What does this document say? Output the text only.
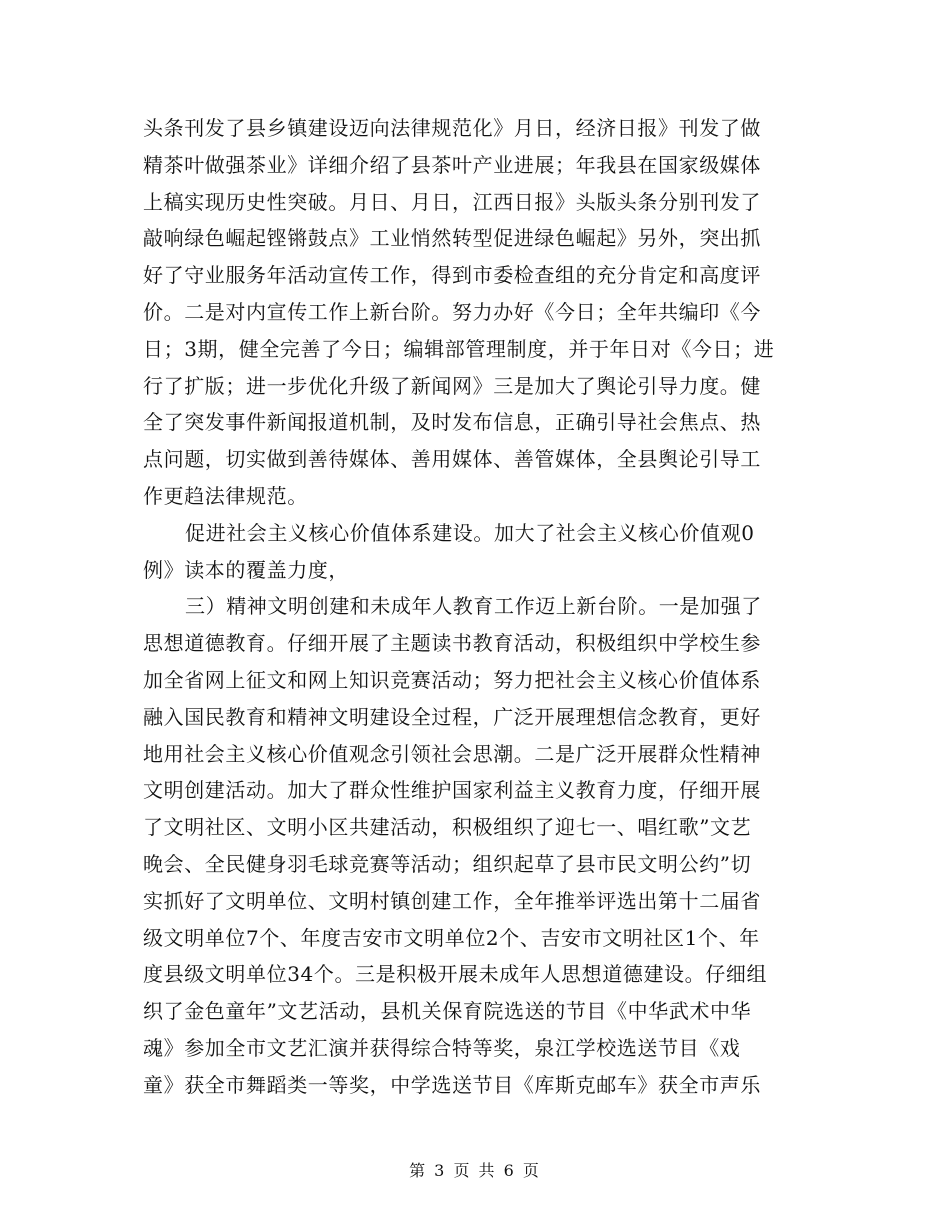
头条刊发了县乡镇建设迈向法律规范化》月日，经济日报》刊发了做
精茶叶做强茶业》详细介绍了县茶叶产业进展；年我县在国家级媒体
上稿实现历史性突破。月日、月日，江西日报》头版头条分别刊发了
敲响绿色崛起铿锵鼓点》工业悄然转型促进绿色崛起》另外，突出抓
好了守业服务年活动宣传工作，得到市委检查组的充分肯定和高度评
价。二是对内宣传工作上新台阶。努力办好《今日；全年共编印《今
日；3期，健全完善了今日；编辑部管理制度，并于年日对《今日；进
行了扩版；进一步优化升级了新闻网》三是加大了舆论引导力度。健
全了突发事件新闻报道机制，及时发布信息，正确引导社会焦点、热
点问题，切实做到善待媒体、善用媒体、善管媒体，全县舆论引导工
作更趋法律规范。
促进社会主义核心价值体系建设。加大了社会主义核心价值观0
例》读本的覆盖力度，
三）精神文明创建和未成年人教育工作迈上新台阶。一是加强了
思想道德教育。仔细开展了主题读书教育活动，积极组织中学校生参
加全省网上征文和网上知识竞赛活动；努力把社会主义核心价值体系
融入国民教育和精神文明建设全过程，广泛开展理想信念教育，更好
地用社会主义核心价值观念引领社会思潮。二是广泛开展群众性精神
文明创建活动。加大了群众性维护国家利益主义教育力度，仔细开展
了文明社区、文明小区共建活动，积极组织了迎七一、唱红歌”文艺
晚会、全民健身羽毛球竞赛等活动；组织起草了县市民文明公约”切
实抓好了文明单位、文明村镇创建工作，全年推举评选出第十二届省
级文明单位7个、年度吉安市文明单位2个、吉安市文明社区1个、年
度县级文明单位34个。三是积极开展未成年人思想道德建设。仔细组
织了金色童年”文艺活动，县机关保育院选送的节目《中华武术中华
魂》参加全市文艺汇演并获得综合特等奖，泉江学校选送节目《戏
童》获全市舞蹈类一等奖，中学选送节目《库斯克邮车》获全市声乐
第 3 页 共 6 页
